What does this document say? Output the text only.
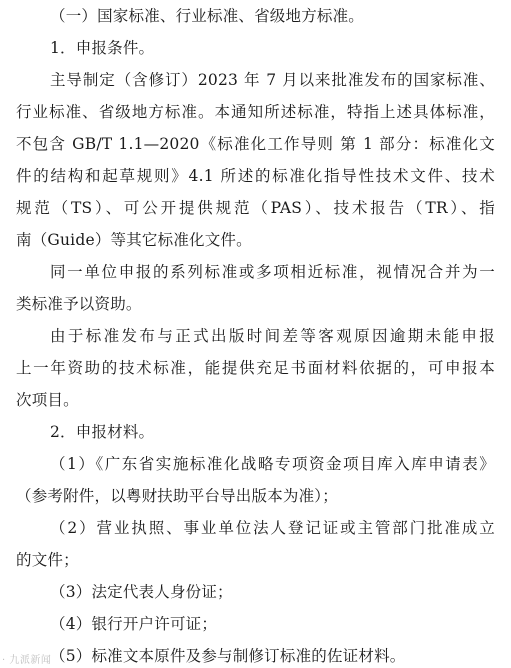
（一）国家标准、行业标准、省级地方标准。
1．申报条件。
主导制定（含修订）2023 年 7 月以来批准发布的国家标准、
行业标准、省级地方标准。本通知所述标准，特指上述具体标准，
不包含 GB/T 1.1—2020《标准化工作导则 第 1 部分：标准化文
件的结构和起草规则》4.1 所述的标准化指导性技术文件、技术
规范（TS）、可公开提供规范（PAS）、技术报告（TR）、指
南（Guide）等其它标准化文件。
同一单位申报的系列标准或多项相近标准，视情况合并为一
类标准予以资助。
由于标准发布与正式出版时间差等客观原因逾期未能申报
上一年资助的技术标准，能提供充足书面材料依据的，可申报本
次项目。
2．申报材料。
（1）《广东省实施标准化战略专项资金项目库入库申请表》
（参考附件，以粤财扶助平台导出版本为准）；
（2）营业执照、事业单位法人登记证或主管部门批准成立
的文件；
（3）法定代表人身份证；
（4）银行开户许可证；
（5）标准文本原件及参与制修订标准的佐证材料。
· 九派新闻
